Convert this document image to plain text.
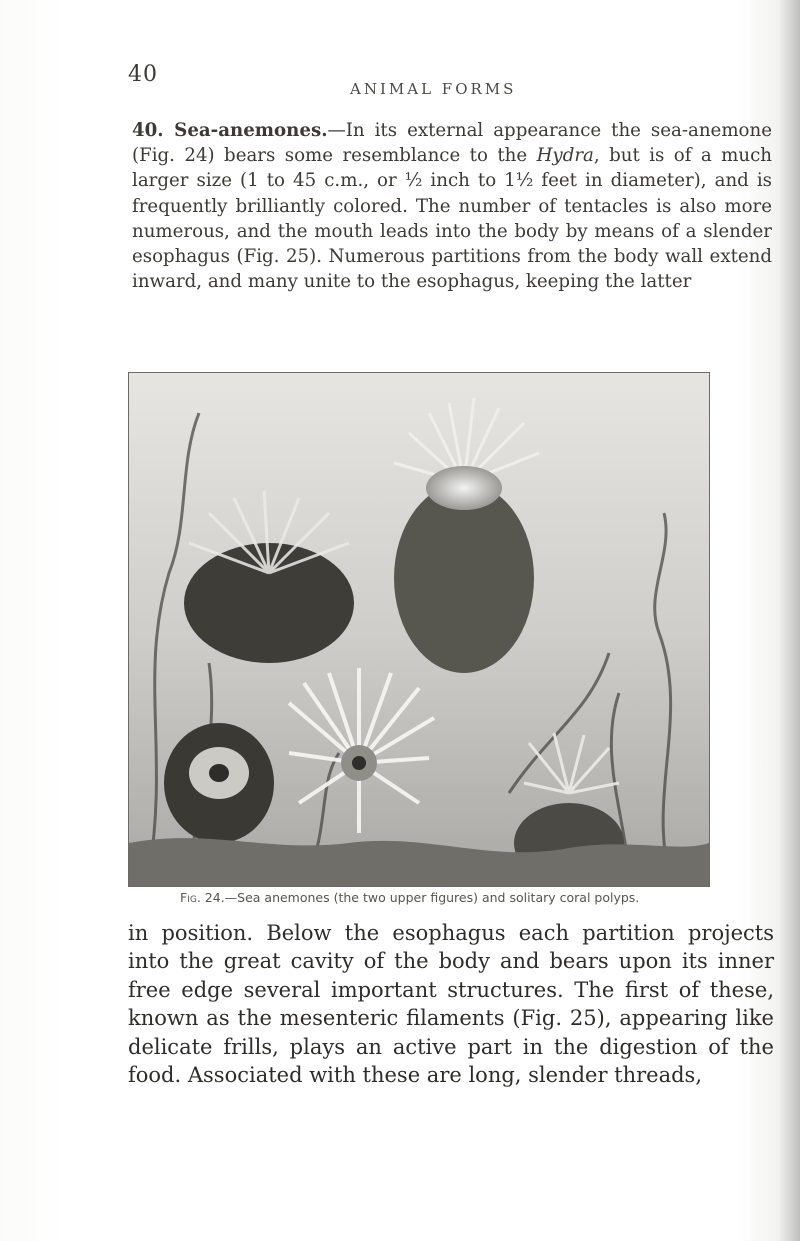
40
ANIMAL FORMS

40. Sea-anemones.—In its external appearance the sea-anemone (Fig. 24) bears some resemblance to the Hydra, but is of a much larger size (1 to 45 c.m., or ½ inch to 1½ feet in diameter), and is frequently brilliantly colored. The number of tentacles is also more numerous, and the mouth leads into the body by means of a slender esophagus (Fig. 25). Numerous partitions from the body wall extend inward, and many unite to the esophagus, keeping the latter

Fig. 24.—Sea anemones (the two upper figures) and solitary coral polyps.

in position. Below the esophagus each partition projects into the great cavity of the body and bears upon its inner free edge several important structures. The first of these, known as the mesenteric filaments (Fig. 25), appearing like delicate frills, plays an active part in the digestion of the food. Associated with these are long, slender threads,
